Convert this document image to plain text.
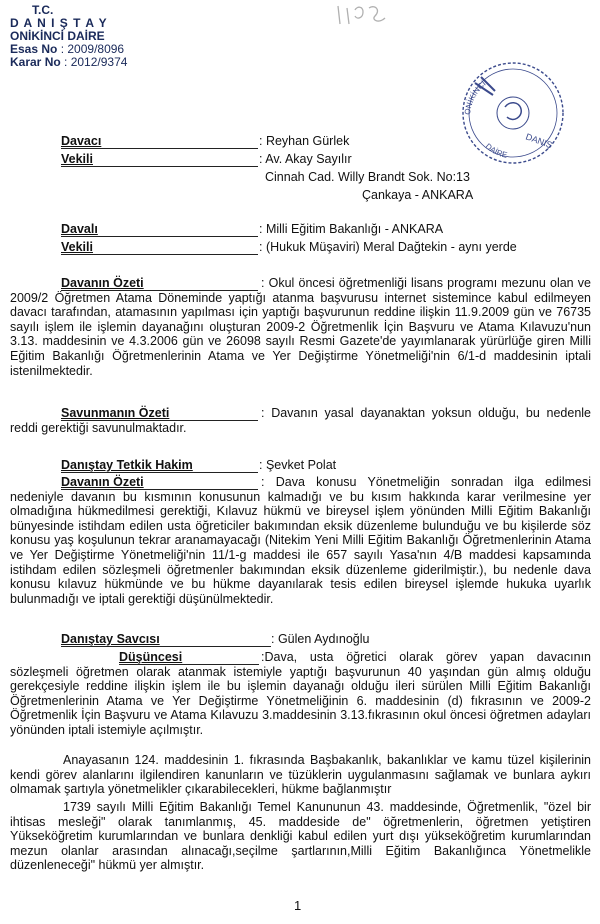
T.C.
D A N I Ş T A Y
ONİKİNCİ DAİRE
Esas No : 2009/8096
Karar No : 2012/9374
ONİKİNCİ
DANIŞ
DAİRE
Davacı	: Reyhan Gürlek
Vekili	: Av. Akay Sayılır
Cinnah Cad. Willy Brandt Sok. No:13
Çankaya - ANKARA
Davalı	: Milli Eğitim Bakanlığı - ANKARA
Vekili	: (Hukuk Müşaviri) Meral Dağtekin - aynı yerde
Davanın Özeti	: Okul öncesi öğretmenliği lisans programı mezunu olan ve 2009/2 Öğretmen Atama Döneminde yaptığı atanma başvurusu internet sistemince kabul edilmeyen davacı tarafından, atamasının yapılması için yaptığı başvurunun reddine ilişkin 11.9.2009 gün ve 76735 sayılı işlem ile işlemin dayanağını oluşturan 2009-2 Öğretmenlik İçin Başvuru ve Atama Kılavuzu'nun 3.13. maddesinin ve 4.3.2006 gün ve 26098 sayılı Resmi Gazete'de yayımlanarak yürürlüğe giren Milli Eğitim Bakanlığı Öğretmenlerinin Atama ve Yer Değiştirme Yönetmeliği'nin 6/1-d maddesinin iptali istenilmektedir.

Savunmanın Özeti	: Davanın yasal dayanaktan yoksun olduğu, bu nedenle reddi gerektiği savunulmaktadır.

Danıştay Tetkik Hakim	: Şevket Polat
Davanın Özeti	: Dava konusu Yönetmeliğin sonradan ilga edilmesi nedeniyle davanın bu kısmının konusunun kalmadığı ve bu kısım hakkında karar verilmesine yer olmadığına hükmedilmesi gerektiği, Kılavuz hükmü ve bireysel işlem yönünden Milli Eğitim Bakanlığı bünyesinde istihdam edilen usta öğreticiler bakımından eksik düzenleme bulunduğu ve bu kişilerde söz konusu yaş koşulunun tekrar aranamayacağı (Nitekim Yeni Milli Eğitim Bakanlığı Öğretmenlerinin Atama ve Yer Değiştirme Yönetmeliği'nin 11/1-g maddesi ile 657 sayılı Yasa'nın 4/B maddesi kapsamında istihdam edilen sözleşmeli öğretmenler bakımından eksik düzenleme giderilmiştir.), bu nedenle dava konusu kılavuz hükmünde ve bu hükme dayanılarak tesis edilen bireysel işlemde hukuka uyarlık bulunmadığı ve iptali gerektiği düşünülmektedir.

Danıştay Savcısı	: Gülen Aydınoğlu
Düşüncesi	:Dava, usta öğretici olarak görev yapan davacının sözleşmeli öğretmen olarak atanmak istemiyle yaptığı başvurunun 40 yaşından gün almış olduğu gerekçesiyle reddine ilişkin işlem ile bu işlemin dayanağı olduğu ileri sürülen Milli Eğitim Bakanlığı Öğretmenlerinin Atama ve Yer Değiştirme Yönetmeliğinin 6. maddesinin (d) fıkrasının ve 2009-2 Öğretmenlik İçin Başvuru ve Atama Kılavuzu 3.maddesinin 3.13.fıkrasının okul öncesi öğretmen adayları yönünden iptali istemiyle açılmıştır.

Anayasanın 124. maddesinin 1. fıkrasında Başbakanlık, bakanlıklar ve kamu tüzel kişilerinin kendi görev alanlarını ilgilendiren kanunların ve tüzüklerin uygulanmasını sağlamak ve bunlara aykırı olmamak şartıyla yönetmelikler çıkarabilecekleri, hükme bağlanmıştır

1739 sayılı Milli Eğitim Bakanlığı Temel Kanununun 43. maddesinde, Öğretmenlik, "özel bir ihtisas mesleği" olarak tanımlanmış, 45. maddeside de" öğretmenlerin, öğretmen yetiştiren Yükseköğretim kurumlarından ve bunlara denkliği kabul edilen yurt dışı yükseköğretim kurumlarından mezun olanlar arasından alınacağı,seçilme şartlarının,Milli Eğitim Bakanlığınca Yönetmelikle düzenleneceği" hükmü yer almıştır.

1
